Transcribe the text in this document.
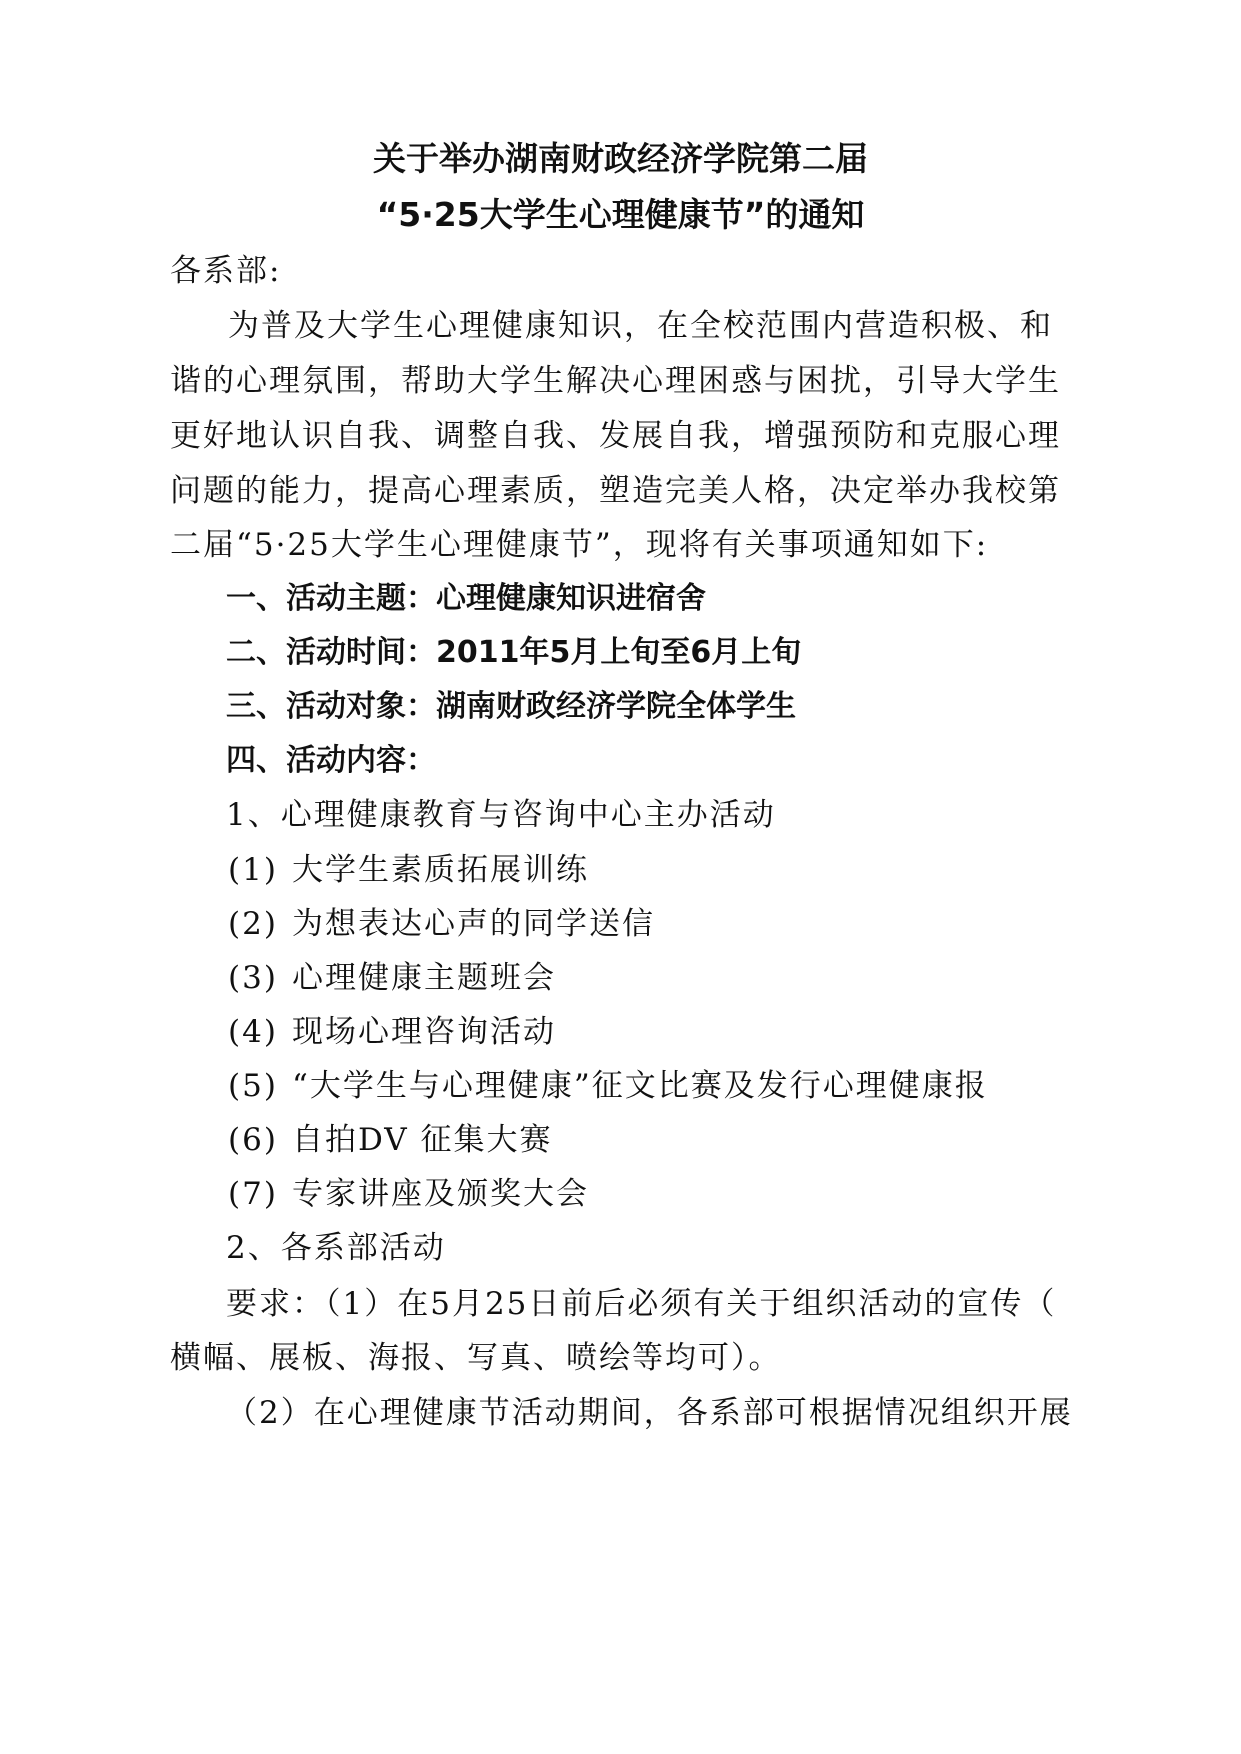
关于举办湖南财政经济学院第二届
“5·25大学生心理健康节”的通知
各系部:
为普及大学生心理健康知识，在全校范围内营造积极、和
谐的心理氛围，帮助大学生解决心理困惑与困扰，引导大学生
更好地认识自我、调整自我、发展自我，增强预防和克服心理
问题的能力，提高心理素质，塑造完美人格，决定举办我校第
二届“5·25大学生心理健康节”，现将有关事项通知如下:
一、活动主题：心理健康知识进宿舍
二、活动时间：2011年5月上旬至6月上旬
三、活动对象：湖南财政经济学院全体学生
四、活动内容：
1、心理健康教育与咨询中心主办活动
(1) 大学生素质拓展训练
(2) 为想表达心声的同学送信
(3) 心理健康主题班会
(4) 现场心理咨询活动
(5) “大学生与心理健康”征文比赛及发行心理健康报
(6) 自拍DV 征集大赛
(7) 专家讲座及颁奖大会
2、各系部活动
要求：（1）在5月25日前后必须有关于组织活动的宣传（
横幅、展板、海报、写真、喷绘等均可）。
（2）在心理健康节活动期间，各系部可根据情况组织开展
